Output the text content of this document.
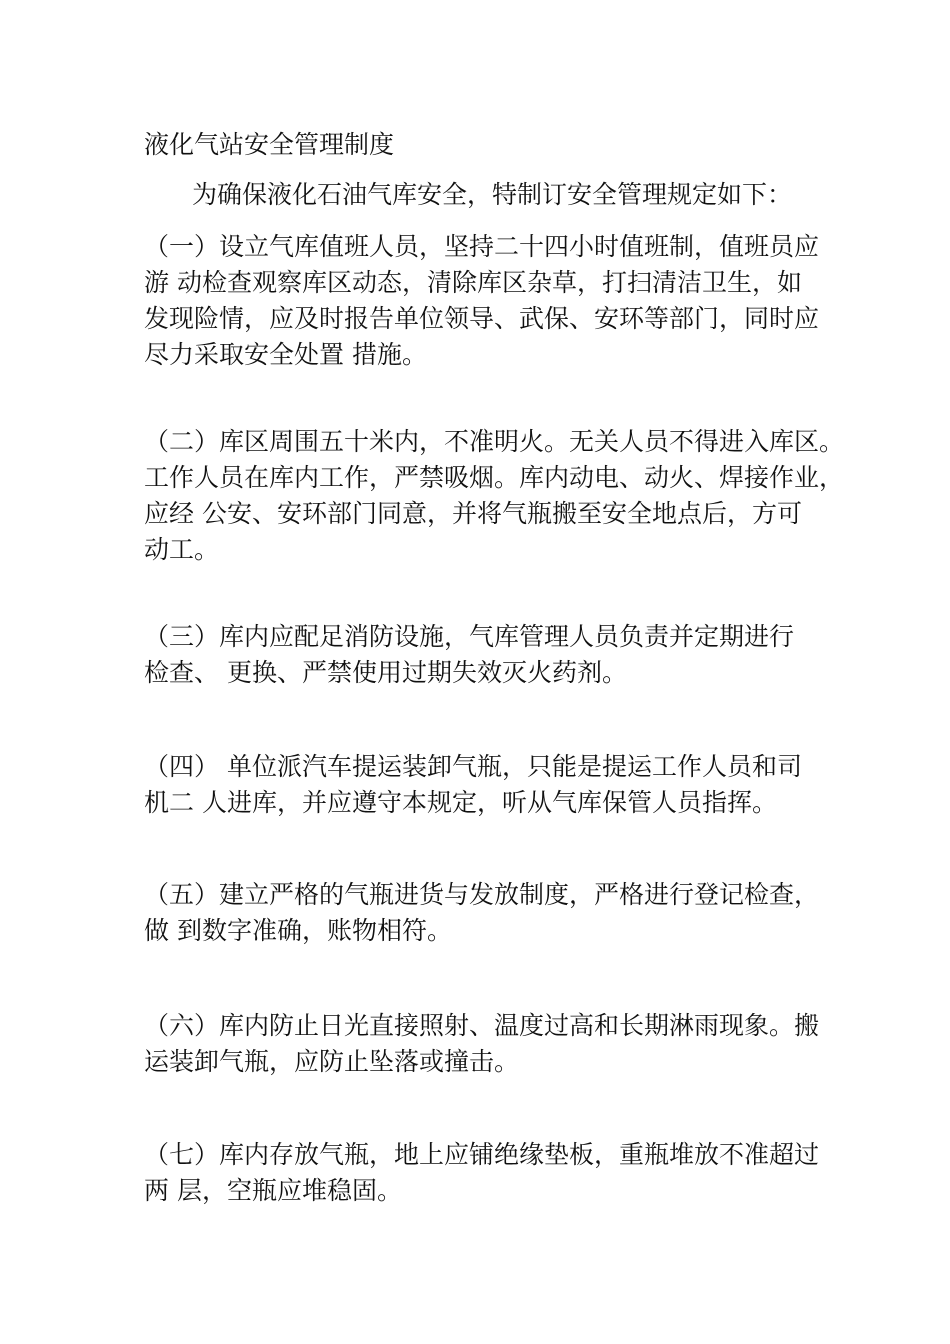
液化气站安全管理制度
为确保液化石油气库安全，特制订安全管理规定如下：
（一）设立气库值班人员，坚持二十四小时值班制，值班员应
游 动检查观察库区动态，清除库区杂草，打扫清洁卫生，如
发现险情，应及时报告单位领导、武保、安环等部门，同时应
尽力采取安全处置 措施。
（二）库区周围五十米内，不准明火。无关人员不得进入库区。
工作人员在库内工作，严禁吸烟。库内动电、动火、焊接作业，
应经 公安、安环部门同意，并将气瓶搬至安全地点后，方可
动工。
（三）库内应配足消防设施，气库管理人员负责并定期进行
检查、 更换、严禁使用过期失效灭火药剂。
（四） 单位派汽车提运装卸气瓶，只能是提运工作人员和司
机二 人进库，并应遵守本规定，听从气库保管人员指挥。
（五）建立严格的气瓶进货与发放制度，严格进行登记检查，
做 到数字准确，账物相符。
（六）库内防止日光直接照射、温度过高和长期淋雨现象。搬
运装卸气瓶，应防止坠落或撞击。
（七）库内存放气瓶，地上应铺绝缘垫板，重瓶堆放不准超过
两 层，空瓶应堆稳固。
